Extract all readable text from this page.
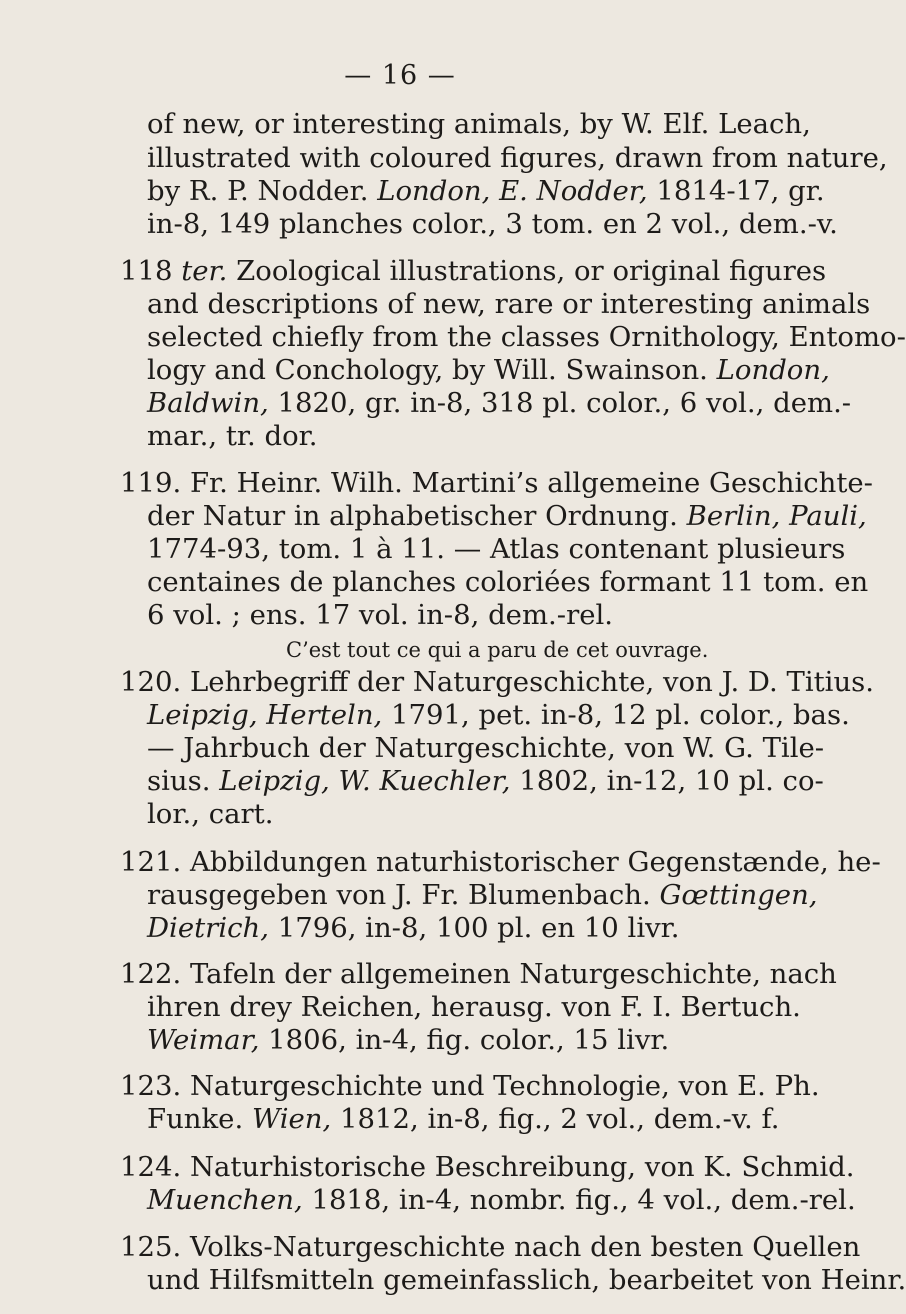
— 16 —
of new, or interesting animals, by W. Elf. Leach,
illustrated with coloured figures, drawn from nature,
by R. P. Nodder. London, E. Nodder, 1814-17, gr.
in-8, 149 planches color., 3 tom. en 2 vol., dem.-v.
118 ter. Zoological illustrations, or original figures
and descriptions of new, rare or interesting animals
selected chiefly from the classes Ornithology, Entomo-
logy and Conchology, by Will. Swainson. London,
Baldwin, 1820, gr. in-8, 318 pl. color., 6 vol., dem.-
mar., tr. dor.
119. Fr. Heinr. Wilh. Martini’s allgemeine Geschichte-
der Natur in alphabetischer Ordnung. Berlin, Pauli,
1774-93, tom. 1 à 11. — Atlas contenant plusieurs
centaines de planches coloriées formant 11 tom. en
6 vol. ; ens. 17 vol. in-8, dem.-rel.
C’est tout ce qui a paru de cet ouvrage.
120. Lehrbegriff der Naturgeschichte, von J. D. Titius.
Leipzig, Herteln, 1791, pet. in-8, 12 pl. color., bas.
— Jahrbuch der Naturgeschichte, von W. G. Tile-
sius. Leipzig, W. Kuechler, 1802, in-12, 10 pl. co-
lor., cart.
121. Abbildungen naturhistorischer Gegenstænde, he-
rausgegeben von J. Fr. Blumenbach. Gœttingen,
Dietrich, 1796, in-8, 100 pl. en 10 livr.
122. Tafeln der allgemeinen Naturgeschichte, nach
ihren drey Reichen, herausg. von F. I. Bertuch.
Weimar, 1806, in-4, fig. color., 15 livr.
123. Naturgeschichte und Technologie, von E. Ph.
Funke. Wien, 1812, in-8, fig., 2 vol., dem.-v. f.
124. Naturhistorische Beschreibung, von K. Schmid.
Muenchen, 1818, in-4, nombr. fig., 4 vol., dem.-rel.
125. Volks-Naturgeschichte nach den besten Quellen
und Hilfsmitteln gemeinfasslich, bearbeitet von Heinr.
